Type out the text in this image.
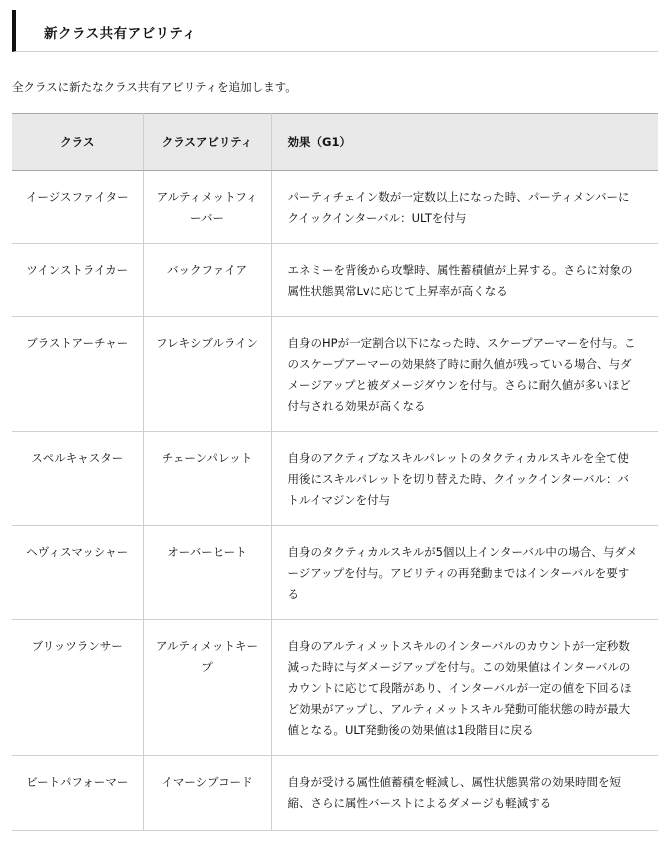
新クラス共有アビリティ
全クラスに新たなクラス共有アビリティを追加します。
クラス	クラスアビリティ	効果（G1）
イージスファイター	アルティメットフィーバー	パーティチェイン数が一定数以上になった時、パーティメンバーにクイックインターバル：ULTを付与
ツインストライカー	バックファイア	エネミーを背後から攻撃時、属性蓄積値が上昇する。さらに対象の属性状態異常Lvに応じて上昇率が高くなる
ブラストアーチャー	フレキシブルライン	自身のHPが一定割合以下になった時、スケープアーマーを付与。このスケープアーマーの効果終了時に耐久値が残っている場合、与ダメージアップと被ダメージダウンを付与。さらに耐久値が多いほど付与される効果が高くなる
スペルキャスター	チェーンパレット	自身のアクティブなスキルパレットのタクティカルスキルを全て使用後にスキルパレットを切り替えた時、クイックインターバル：バトルイマジンを付与
ヘヴィスマッシャー	オーバーヒート	自身のタクティカルスキルが5個以上インターバル中の場合、与ダメージアップを付与。アビリティの再発動まではインターバルを要する
ブリッツランサー	アルティメットキープ	自身のアルティメットスキルのインターバルのカウントが一定秒数減った時に与ダメージアップを付与。この効果値はインターバルのカウントに応じて段階があり、インターバルが一定の値を下回るほど効果がアップし、アルティメットスキル発動可能状態の時が最大値となる。ULT発動後の効果値は1段階目に戻る
ビートパフォーマー	イマーシブコード	自身が受ける属性値蓄積を軽減し、属性状態異常の効果時間を短縮、さらに属性バーストによるダメージも軽減する
